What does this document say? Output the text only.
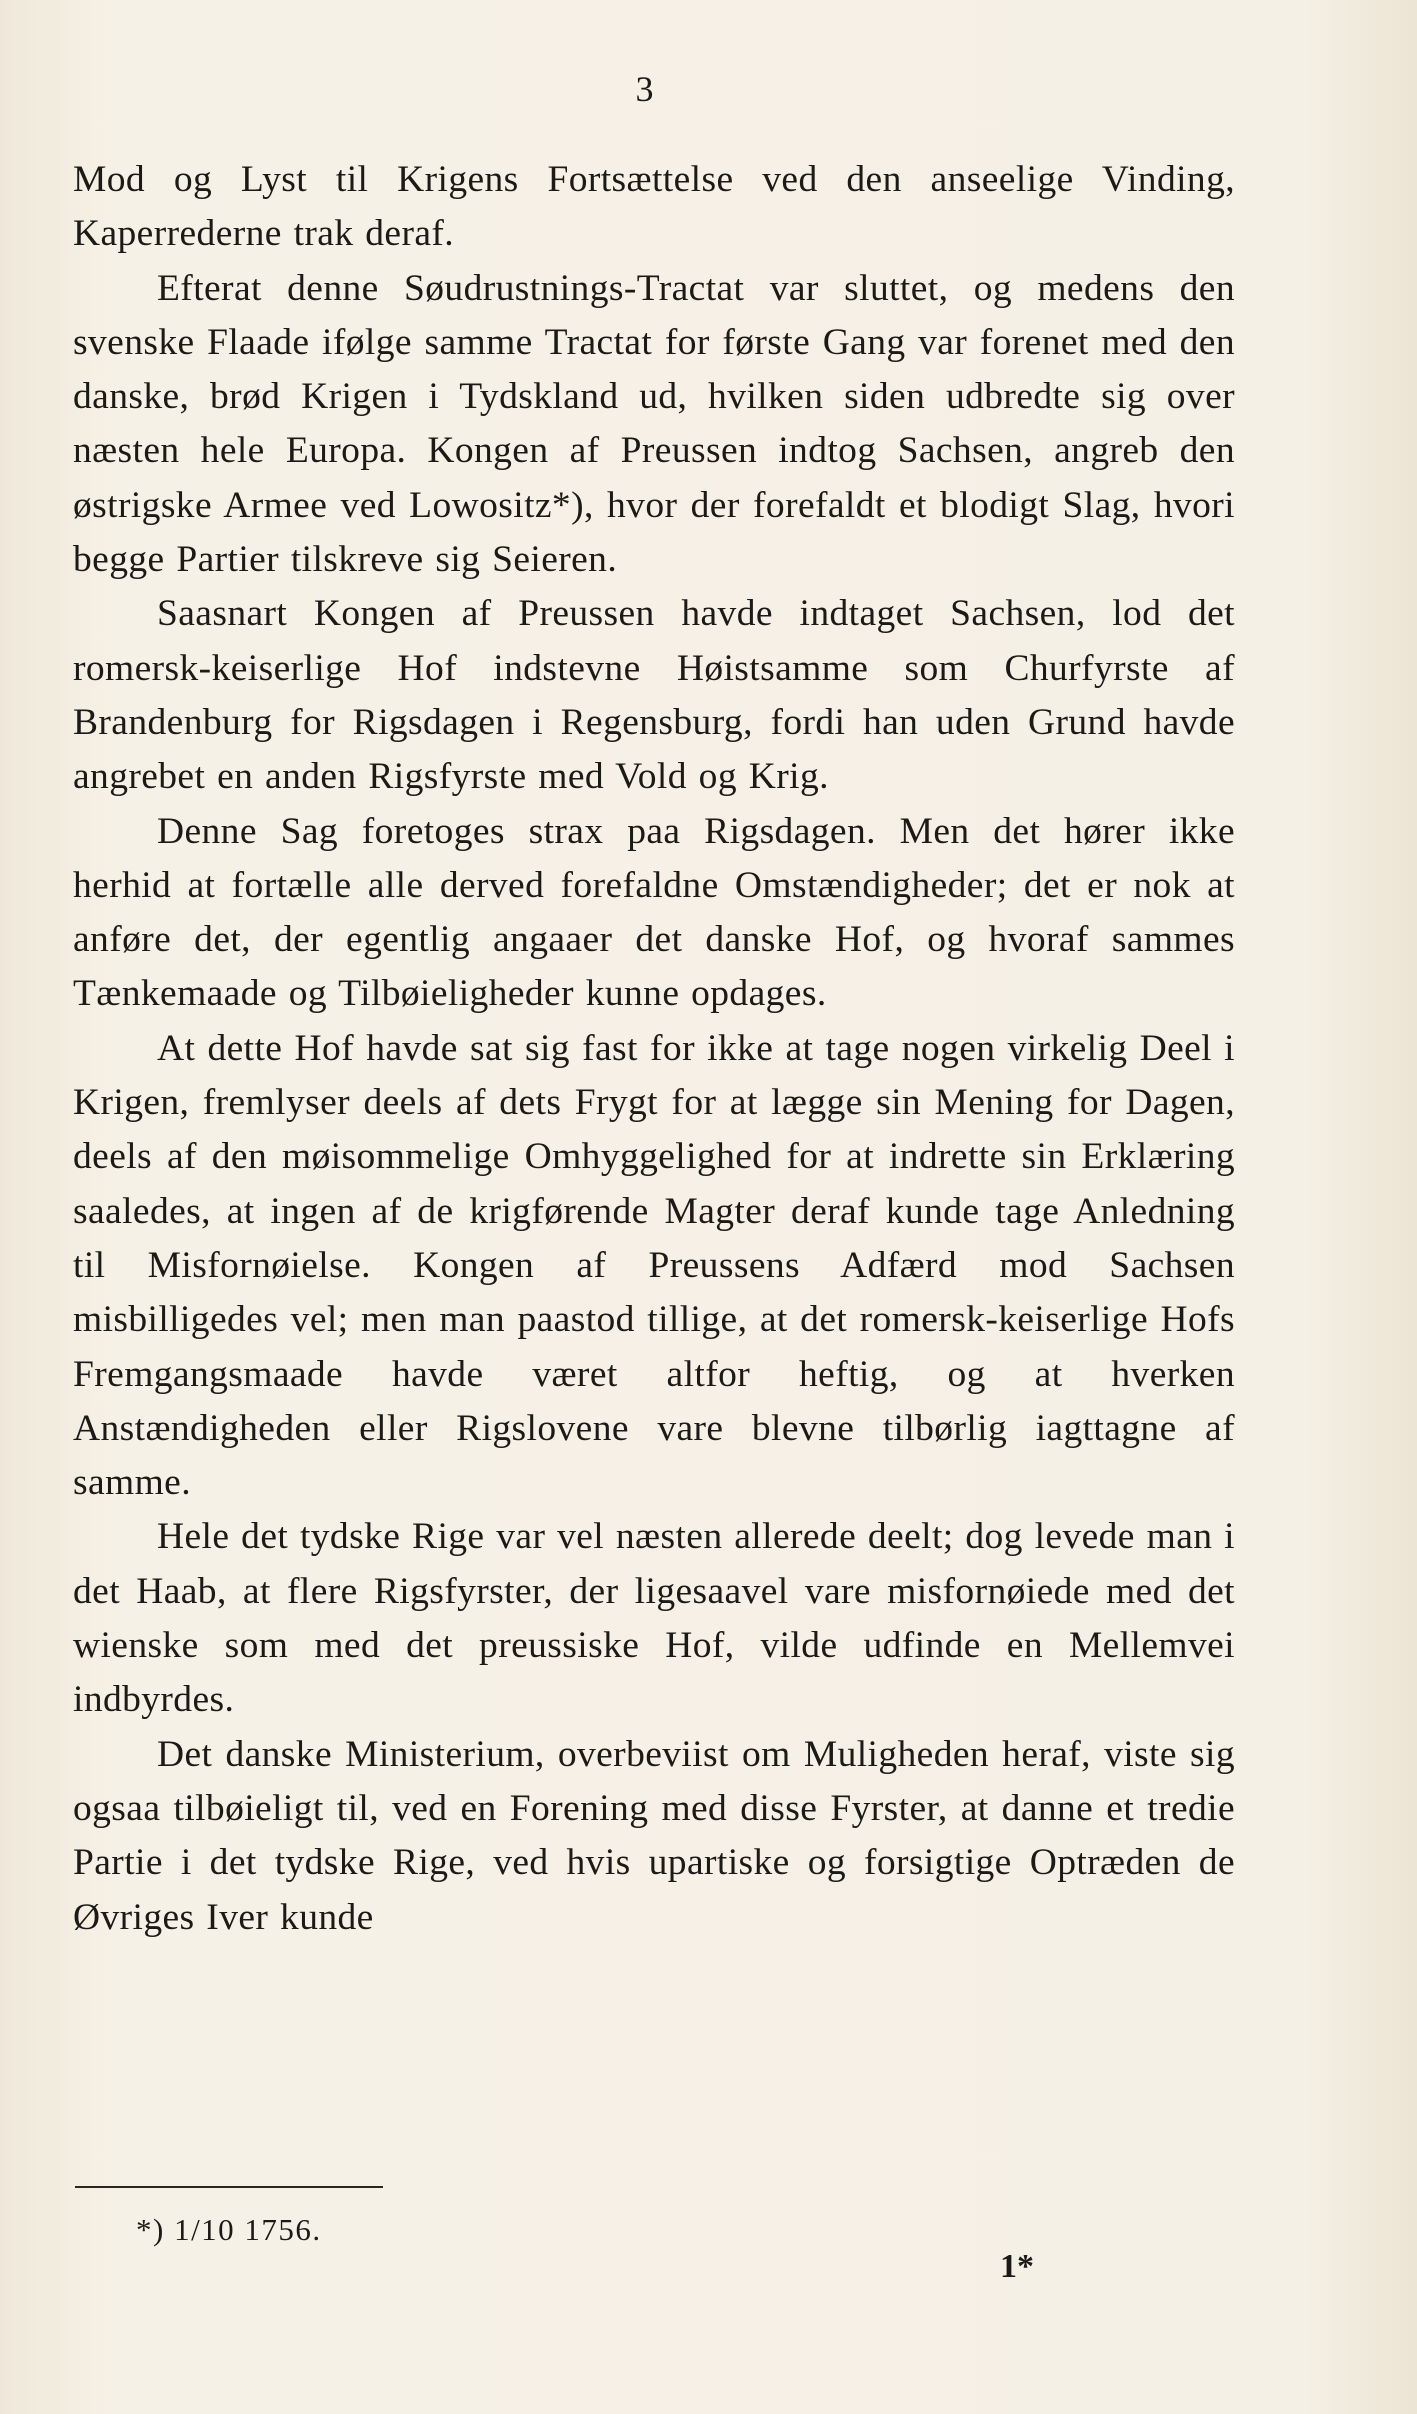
3

Mod og Lyst til Krigens Fortsættelse ved den anseelige Vinding, Kaperrederne trak deraf.

Efterat denne Søudrustnings-Tractat var sluttet, og medens den svenske Flaade ifølge samme Tractat for første Gang var forenet med den danske, brød Krigen i Tydskland ud, hvilken siden udbredte sig over næsten hele Europa. Kongen af Preussen indtog Sachsen, angreb den østrigske Armee ved Lowositz*), hvor der forefaldt et blodigt Slag, hvori begge Partier tilskreve sig Seieren.

Saasnart Kongen af Preussen havde indtaget Sachsen, lod det romersk-keiserlige Hof indstevne Høistsamme som Churfyrste af Brandenburg for Rigsdagen i Regensburg, fordi han uden Grund havde angrebet en anden Rigsfyrste med Vold og Krig.

Denne Sag foretoges strax paa Rigsdagen. Men det hører ikke herhid at fortælle alle derved forefaldne Omstændigheder; det er nok at anføre det, der egentlig angaaer det danske Hof, og hvoraf sammes Tænkemaade og Tilbøieligheder kunne opdages.

At dette Hof havde sat sig fast for ikke at tage nogen virkelig Deel i Krigen, fremlyser deels af dets Frygt for at lægge sin Mening for Dagen, deels af den møisommelige Omhyggelighed for at indrette sin Erklæring saaledes, at ingen af de krigførende Magter deraf kunde tage Anledning til Misfornøielse. Kongen af Preussens Adfærd mod Sachsen misbilligedes vel; men man paastod tillige, at det romersk-keiserlige Hofs Fremgangsmaade havde været altfor heftig, og at hverken Anstændigheden eller Rigslovene vare blevne tilbørlig iagttagne af samme.

Hele det tydske Rige var vel næsten allerede deelt; dog levede man i det Haab, at flere Rigsfyrster, der ligesaavel vare misfornøiede med det wienske som med det preussiske Hof, vilde udfinde en Mellemvei indbyrdes.

Det danske Ministerium, overbeviist om Muligheden heraf, viste sig ogsaa tilbøieligt til, ved en Forening med disse Fyrster, at danne et tredie Partie i det tydske Rige, ved hvis upartiske og forsigtige Optræden de Øvriges Iver kunde

*) 1/10 1756.
1*
